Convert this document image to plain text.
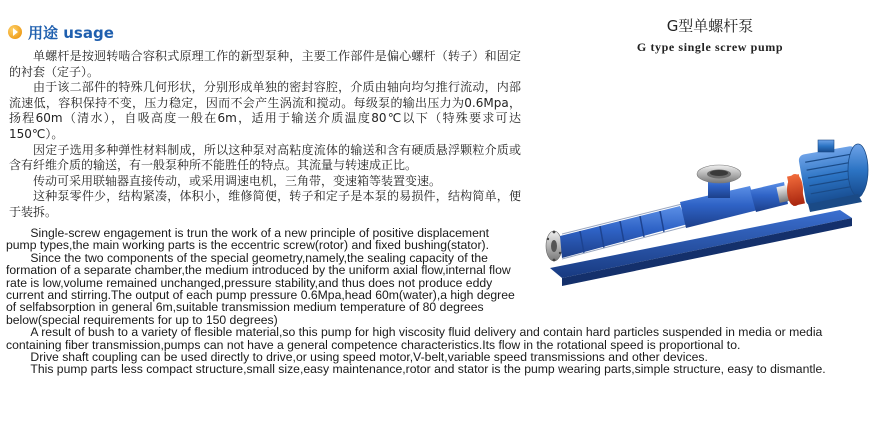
用途 usage

单螺杆是按迥转啮合容积式原理工作的新型泵种，主要工作部件是偏心螺杆（转子）和固定的衬套（定子）。

由于该二部件的特殊几何形状，分别形成单独的密封容腔，介质由轴向均匀推行流动，内部流速低，容积保持不变，压力稳定，因而不会产生涡流和搅动。每级泵的输出压力为0.6Mpa，扬程60m（清水），自吸高度一般在6m，适用于输送介质温度80℃以下（特殊要求可达150℃）。

因定子选用多种弹性材料制成，所以这种泵对高粘度流体的输送和含有硬质悬浮颗粒介质或含有纤维介质的输送，有一般泵种所不能胜任的特点。其流量与转速成正比。

传动可采用联轴器直接传动，或采用调速电机，三角带，变速箱等装置变速。

这种泵零件少，结构紧凑，体积小，维修简便，转子和定子是本泵的易损件，结构简单，便于装拆。

Single-screw engagement is trun the work of a new principle of positive displacement pump types,the main working parts is the eccentric screw(rotor) and fixed bushing(stator).

Since the two components of the special geometry,namely,the sealing capacity of the formation of a separate chamber,the medium introduced by the uniform axial flow,internal flow rate is low,volume remained unchanged,pressure stability,and thus does not produce eddy current and stirring.The output of each pump pressure 0.6Mpa,head 60m(water),a high degree of selfabsorption in general 6m,suitable transmission medium temperature of 80 degrees below(special requirements for up to 150 degrees)

A result of bush to a variety of flesible material,so this pump for high viscosity fluid delivery and contain hard particles suspended in media or media containing fiber transmission,pumps can not have a general competence characteristics.Its flow in the rotational speed is proportional to.

Drive shaft coupling can be used directly to drive,or using speed motor,V-belt,variable speed transmissions and other devices.

This pump parts less compact structure,small size,easy maintenance,rotor and stator is the pump wearing parts,simple structure, easy to dismantle.

G型单螺杆泵
G type single screw pump
